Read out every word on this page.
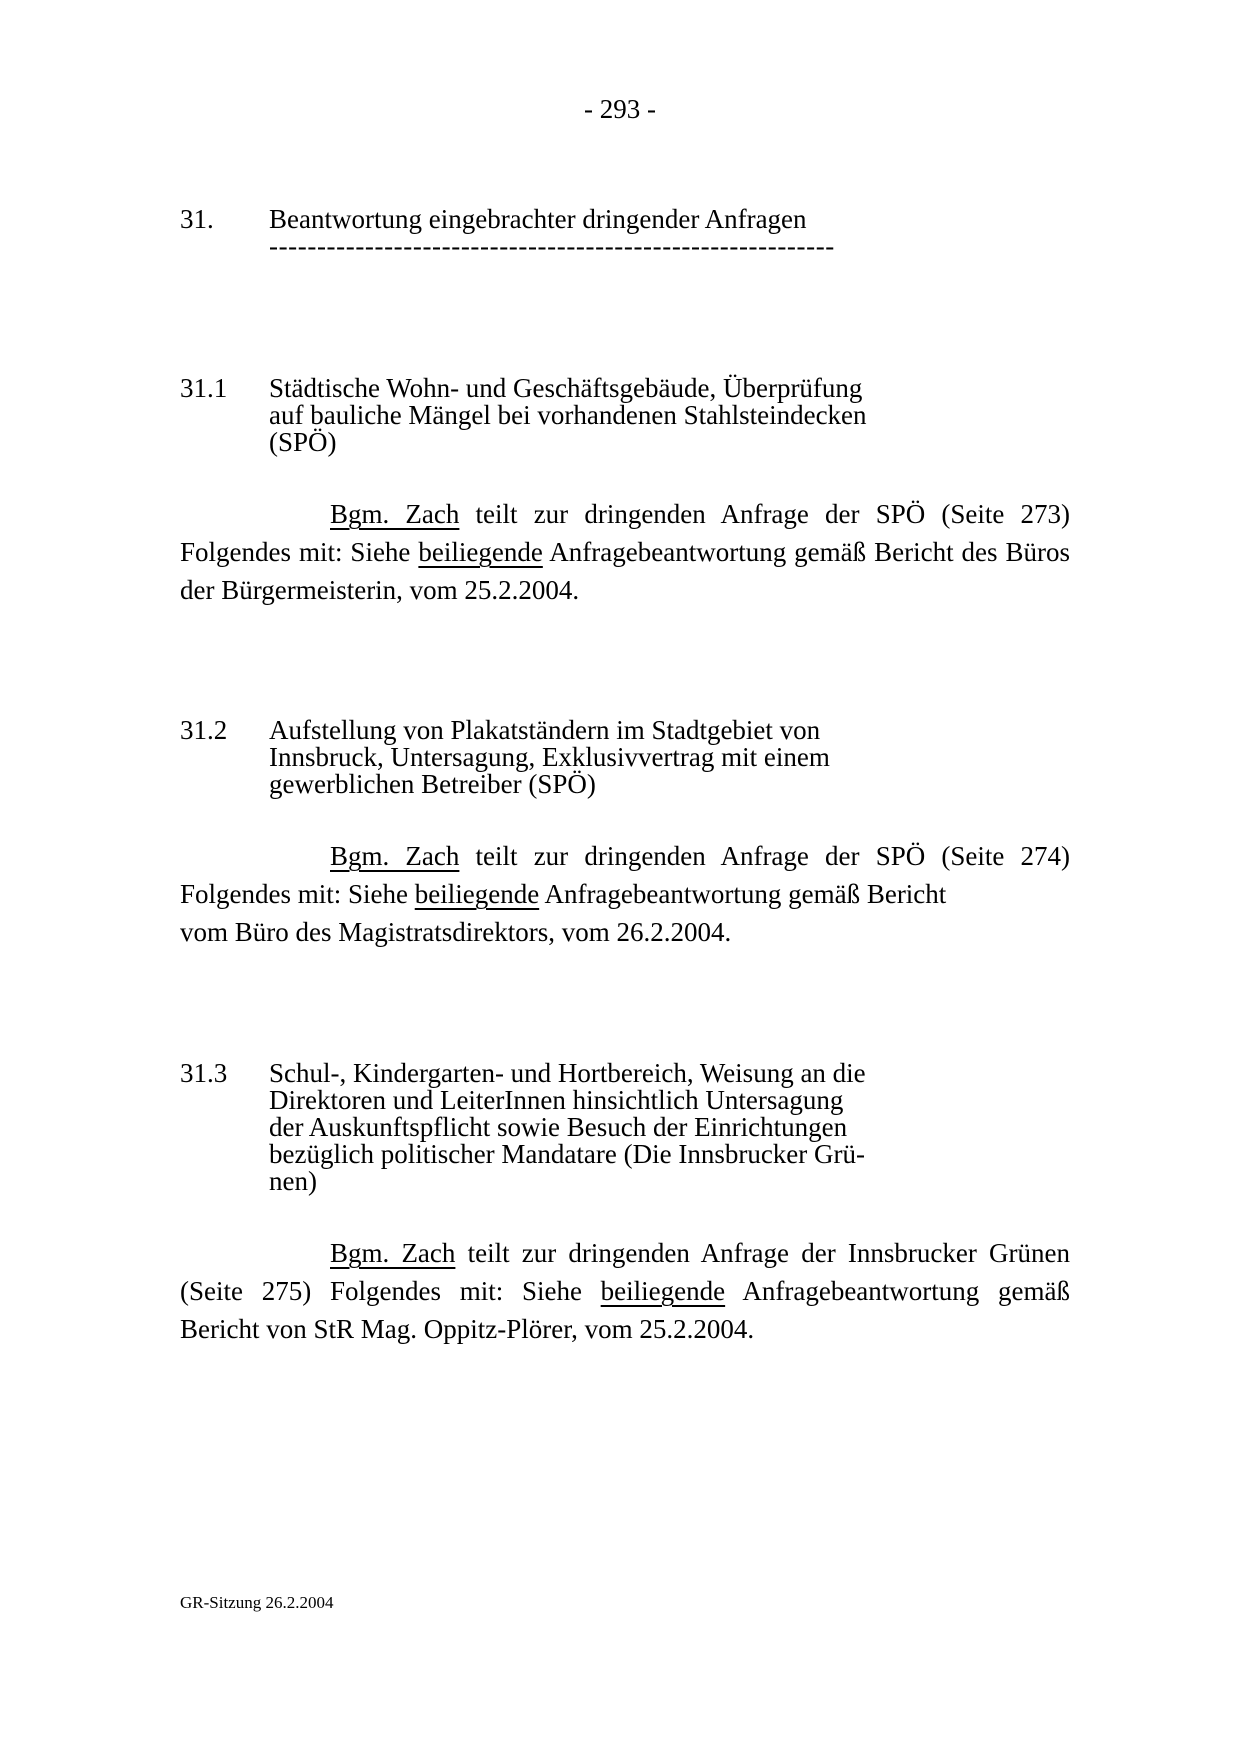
- 293 -
31. Beantwortung eingebrachter dringender Anfragen
-----------------------------------------------------------
31.1 Städtische Wohn- und Geschäftsgebäude, Überprüfung
auf bauliche Mängel bei vorhandenen Stahlsteindecken
(SPÖ)

Bgm. Zach teilt zur dringenden Anfrage der SPÖ (Seite 273) Folgendes mit: Siehe beiliegende Anfragebeantwortung gemäß Bericht des Büros der Bürgermeisterin, vom 25.2.2004.

31.2 Aufstellung von Plakatständern im Stadtgebiet von
Innsbruck, Untersagung, Exklusivvertrag mit einem
gewerblichen Betreiber (SPÖ)

Bgm. Zach teilt zur dringenden Anfrage der SPÖ (Seite 274) Folgendes mit: Siehe beiliegende Anfragebeantwortung gemäß Bericht

vom Büro des Magistratsdirektors, vom 26.2.2004.

31.3 Schul-, Kindergarten- und Hortbereich, Weisung an die
Direktoren und LeiterInnen hinsichtlich Untersagung
der Auskunftspflicht sowie Besuch der Einrichtungen
bezüglich politischer Mandatare (Die Innsbrucker Grü-
nen)

Bgm. Zach teilt zur dringenden Anfrage der Innsbrucker Grünen (Seite 275) Folgendes mit: Siehe beiliegende Anfragebeantwortung gemäß Bericht von StR Mag. Oppitz-Plörer, vom 25.2.2004.

GR-Sitzung 26.2.2004
